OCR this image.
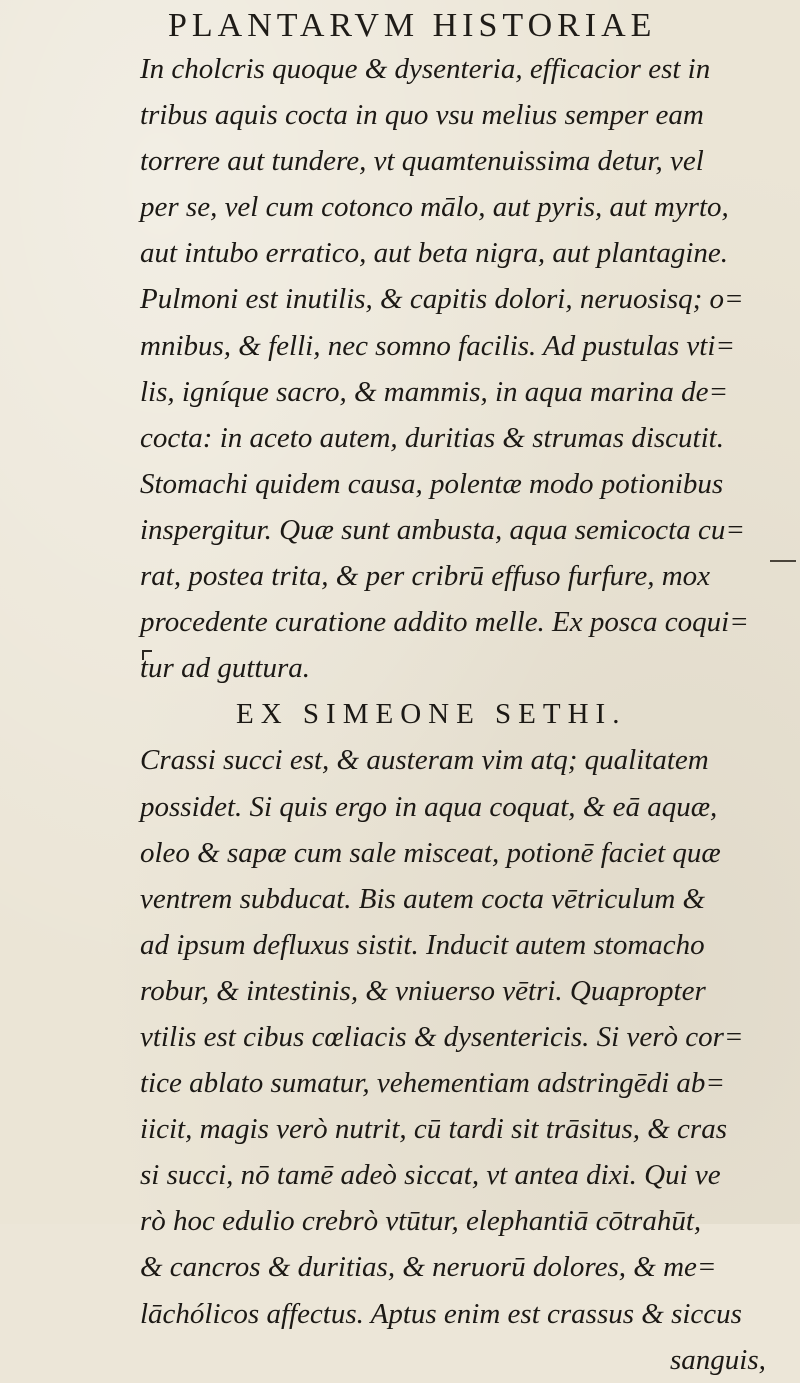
PLANTARVM HISTORIAE
In cholcris quoque & dysenteria, efficacior est in
tribus aquis cocta in quo vsu melius semper eam
torrere aut tundere, vt quamtenuissima detur, vel
per se, vel cum cotonco mālo, aut pyris, aut myrto,
aut intubo erratico, aut beta nigra, aut plantagine.
Pulmoni est inutilis, & capitis dolori, neruosisq; o=
mnibus, & felli, nec somno facilis. Ad pustulas vti=
lis, igníque sacro, & mammis, in aqua marina de=
cocta: in aceto autem, duritias & strumas discutit.
Stomachi quidem causa, polentæ modo potionibus
inspergitur. Quæ sunt ambusta, aqua semicocta cu=
rat, postea trita, & per cribrū effuso furfure, mox
procedente curatione addito melle. Ex posca coqui=
tur ad guttura.
EX SIMEONE SETHI.
Crassi succi est, & austeram vim atq; qualitatem
possidet. Si quis ergo in aqua coquat, & eā aquæ,
oleo & sapæ cum sale misceat, potionē faciet quæ
ventrem subducat. Bis autem cocta vētriculum &
ad ipsum defluxus sistit. Inducit autem stomacho
robur, & intestinis, & vniuerso vētri. Quapropter
vtilis est cibus cœliacis & dysentericis. Si verò cor=
tice ablato sumatur, vehementiam adstringēdi ab=
iicit, magis verò nutrit, cū tardi sit trāsitus, & cras
si succi, nō tamē adeò siccat, vt antea dixi. Qui ve
rò hoc edulio crebrò vtūtur, elephantiā cōtrahūt,
& cancros & duritias, & neruorū dolores, & me=
lāchólicos affectus. Aptus enim est crassus & siccus
sanguis,
